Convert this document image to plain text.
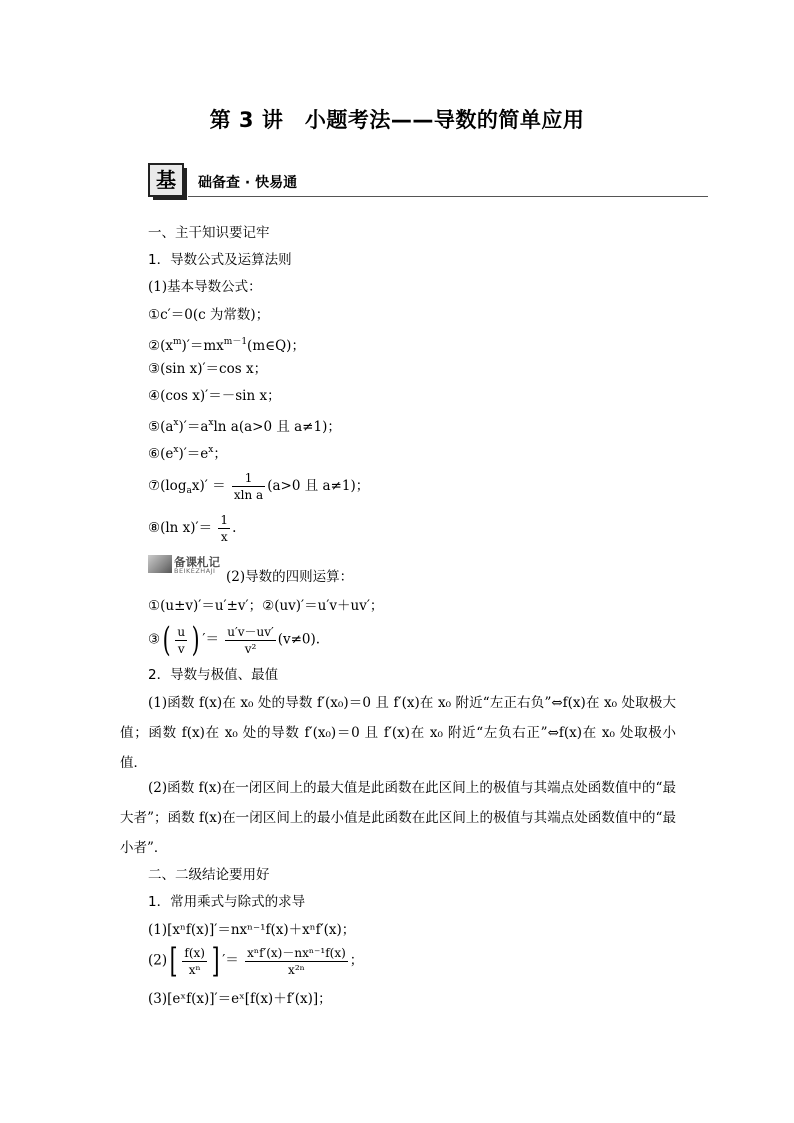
第 3 讲　小题考法——导数的简单应用
基	础备查 · 快易通
一、主干知识要记牢
1．导数公式及运算法则
(1)基本导数公式：
①c′＝0(c 为常数)；
$②(x^m)'=mx^{m-1}(m\in Q)$；
③(sin x)′＝cos x；
④(cos x)′＝－sin x；
$⑤(a^x)'=a^x\ln$ a(a>0 且 a≠1)；
$⑥(e^x)'=e^x$；
$⑦(\log_ax)' = \frac{1}{\text{xln a}} (a>0$ 且 a≠1)；
⑧(ln $x)'= \frac{1}{x}$ .
备课札记
BEIKEZHAJI (2)导数的四则运算：
①(u±v)′＝u′±v′；②(uv)′＝u′v＋uv′；
③( $\frac{u}{v}$ ) ′＝ $\frac{u'v-uv'}{\text{v²}} (v\ne 0)$.
2．导数与极值、最值
(1)函数 f(x)在 x₀ 处的导数 f′(x₀)＝0 且 f′(x)在 x₀ 附近“左正右负”⇔f(x)在 x₀ 处取极大值；函数 f(x)在 x₀ 处的导数 f′(x₀)＝0 且 f′(x)在 x₀ 附近“左负右正”⇔f(x)在 x₀ 处取极小值．
(2)函数 f(x)在一闭区间上的最大值是此函数在此区间上的极值与其端点处函数值中的“最大者”；函数 f(x)在一闭区间上的最小值是此函数在此区间上的极值与其端点处函数值中的“最小者”．
二、二级结论要用好
1．常用乘式与除式的求导
(1)[xⁿf(x)]′＝nxⁿ⁻¹f(x)＋xⁿf′(x)；
$(2)[ \frac{f(x)}{\text{xⁿ}}$ ] ′＝ $\frac{\text{xⁿf′(x)－nxⁿ⁻¹f(x)}}{\text{x²ⁿ}}$ ；
(3)[eˣf(x)]′＝eˣ[f(x)＋f′(x)]；
